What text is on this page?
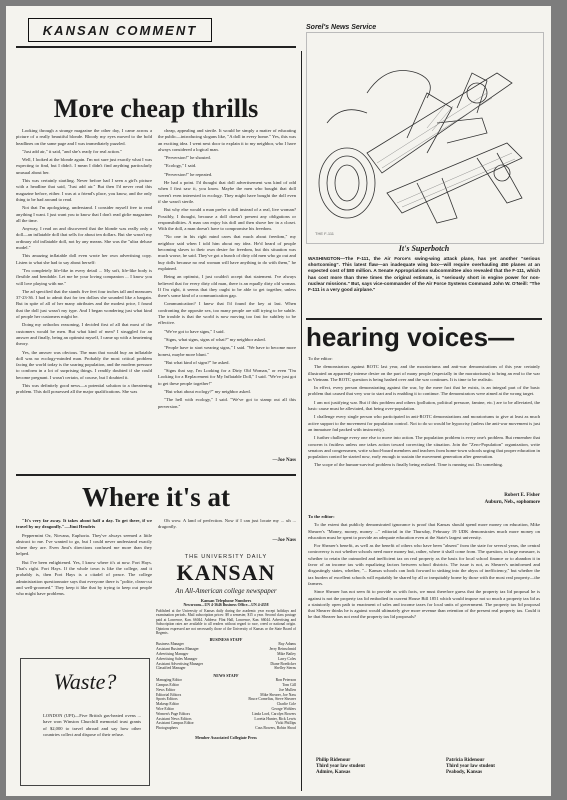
KANSAN COMMENT	Sorel's News Service
More cheap thrills

Looking through a strange magazine the other day, I came across a picture of a really beautiful blonde. Bloody my eyes moved to the bold headlines on the same page and I was immediately puzzled.

"Just add air," it said, "and she's ready for real action."

Well, I looked at the blonde again. I'm not sure just exactly what I was expecting to find, but I didn't. I mean I didn't find anything particularly unusual about her.

This was certainly startling. Never before had I seen a girl's picture with a headline that said, "Just add air." But then I'd never read this magazine before, either. I was at a friend's place, you know, and the only thing to be had around to read.

Not that I'm apologizing, understand. I consider myself free to read anything I want. I just want you to know that I don't read girlie magazines all the time.

Anyway, I read on and discovered that the blonde was really only a doll—an inflatable doll that sells for about ten dollars. But she wasn't my ordinary old inflatable doll, not by any means. She was the "ultra deluxe model."

This amazing inflatable doll even wrote her own advertising copy. Listen to what she had to say about herself:

"I'm completely life-like in every detail ... My soft, life-like body is flexible and bendable. Let me be your loving companion ... I know you will love playing with me."

The ad specified that the stands five feet four inches tall and measures 37-23-36. I had to admit that for ten dollars she sounded like a bargain. But in spite of all of her many attributes and the modest price, I found that the doll just wasn't my type. And I began wondering just what kind of people her customers might be.

Doing my orthodox reasoning, I decided first of all that most of the customers would be men. But what kind of men? I struggled for an answer and finally, being an optimist myself, I came up with a heartening theory.

Yes, the answer was obvious. The man that would buy an inflatable doll was no ecology-minded man. Probably the most critical problem facing the world today is the soaring population, and the modern pressure to conform in a lot of surprising things. I readily doubted if she could become pregnant. I wasn't certain, of course, but I doubted it.

This was definitely good news—a potential solution to a threatening problem. This doll possessed all the major qualifications. She was

cheap, appealing and sterile. It would be simply a matter of educating the public—introducing slogans like, "A doll in every home." Yes, this was an exciting idea. I went next door to explain it to my neighbor, who I have always considered a logical man.

"Perversion!" he shouted.

"Ecology," I said.

"Perversion!" he repeated.

He had a point. I'd thought that doll advertisement was kind of odd when I first saw it, you know. Maybe the men who bought that doll weren't even interested in ecology. They might have bought the doll even if she wasn't sterile.

But why else would a man prefer a doll instead of a real, live woman? Possibly, I thought, because a doll doesn't present any obligations or responsibilities. A man can enjoy his doll and then shove her in a closet. With the doll, a man doesn't have to compromise his freedom.

"No one in his right mind cares that much about freedom," my neighbor said when I told him about my idea. He'd heard of people becoming slaves to their own desire for freedom, but this situation was much worse, he said. They've got a bunch of dirty old men who go out and buy dolls because no real woman will have anything to do with them," he explained.

Being an optimist, I just couldn't accept that statement. I've always believed that for every dirty old man, there is an equally dirty old woman. If I'm right, it seems that they ought to be able to get together, unless there's some kind of a communication gap.

Communication? I knew that I'd found the key at last. When confronting the opposite sex, too many people are still trying to be subtle. The trouble is that the world is now moving too fast for subtlety to be effective.

"We've got to have signs," I said.

"Signs, what signs, signs of what?" my neighbor asked.

"People have to start wearing signs," I said. "We have to become more honest, maybe more blunt."

"But what kind of signs?" he asked.

"Signs that say, I'm Looking for a Dirty Old Woman," or even "I'm Looking for a Replacement for My Inflatable Doll," I said. "We've just got to get these people together!"

"But what about ecology?" my neighbor asked.

"The hell with ecology," I said. "We've got to stamp out all this perversion."

—Joe Nass
Where it's at

"It's very far away. It takes about half a day. To get there, if we travel by my dragonfly."—Jimi Hendrix

Peppermint Oz, Nirvana, Euphoria. They've always seemed a little abstract to me. I've wanted to go, but I could never understand exactly where they are. Even Jimi's directions confused me more than they helped.

But I've been enlightened. Yes, I know where it's at now. Fort Hays. That's right. Fort Hays. If the whole town is like the college, and it probably is, then Fort Hays is a citadel of peace. The college administration questionnaire says that everyone there is "polite, clean-cut and well-groomed." They keep it like that by trying to keep out people who might have problems.

Oh wow. A land of perfection. Now if I can just locate my ... uh ... dragonfly.

—Joe Nass
Waste?
LONDON (UPI)—Five British gas-heated ovens ... have won Winston Churchill memorial trust grants of $2,000 to travel abroad and say how other countries collect and dispose of their refuse.
THE UNIVERSITY DAILY
KANSAN
An All-American college newspaper
Kansan Telephone Numbers
Newsroom—UN 4-3646 Business Office—UN 4-4358
Published at the University of Kansas daily during the academic year except holidays and examination periods. Mail subscription prices: $8 a semester, $15 a year. Second class postage paid at Lawrence, Kan. 66044. Address: Flint Hall, Lawrence, Kan. 66044. Advertising and Subscription rates are available to all readers without regard to race, creed or national origin. Opinions expressed are not necessarily those of the University of Kansas or the State Board of Regents.
BUSINESS STAFF
Business Manager	Ray Adams
Assistant Business Manager	Jerry Reinschmid
Advertising Manager	Mike Bailey
Advertising Sales Manager	Larry Coles
Assistant Advertising Manager	Diane Boedicker
Classified Manager	Shelley Sterns
NEWS STAFF
Managing Editor	Ron Peterson
Campus Editor	Tom Gill
News Editor	Joe Mullen
Editorial Editors	Mike Shearer, Joe Nass
Sports Editors	Bruce Cornelius, Steve Shearer
Makeup Editor	Charlie Cole
Wire Editor	George Wohlers
Women's Page Editors	Linda Lord, Carolyn Bowers
Assistant News Editors	Loretta Hunter, Rick Lewis
Assistant Campus Editor	Vicki Phillips
Photographers	Cass Bowers, Robin Shoaf
Member Associated Collegiate Press
THE F-111
It's Superbotch
WASHINGTON—The F-111, the Air Force's swing-wing attack plane, has yet another "serious shortcoming". This latest flaw—an inadequate wing box—will require overhauling 450 planes at an expected cost of $80 million. A Senate Appropriations subcommittee also revealed that the F-111, which has cost more than three times the original estimate, is "seriously short in engine power for non-nuclear missions." But, says vice-commander of the Air Force Systems Command John W. O'Neill: "The F-111 is a very good airplane."
hearing voices—

To the editor:

The demonstrators against ROTC last year, and the moratoriums and anti-war demonstrations of this year certainly illustrated an apparently intense desire on the part of many people (especially in the moratoriums) to bring an end to the war in Vietnam. The ROTC question is being hashed over and the war continues. It is time to be realistic.

In effect, every person demonstrating against the war, by the mere fact that he exists, is an integral part of the basic problem that caused that very war to start and is enabling it to continue. The demonstrators were aimed at the wrong target.

I am not justifying war. But if this problem and others (pollution, political pressure, famine, etc.) are to be alleviated, the basic cause must be alleviated, that being over-population.

I challenge every single person who participated in anti-ROTC demonstrations and moratoriums to give at least as much active support to the movement for population control. Not to do so would be hypocrisy (unless the anti-war movement is just an immature fad packed with insincerity).

I further challenge every one else to move into action. The population problem is every one's problem. But remember that concern is fruitless unless one takes action toward correcting the situation. Join the "Zero-Population" organization, write senators and congressmen, write school-board members and teachers from home-town schools urging that proper education in population control be started now, early enough to sustain the movement generation after generation.

The scope of the human-survival problem is finally being realized. Time is running out. Do something.

Robert E. Fisher
Auburn, Neb., sophomore

To the editor:

To the extent that publicly demonstrated ignorance is proof that Kansas should spend more money on education, Mike Shearer's "Money, money, money ..." editorial in the Thursday, February 19 UDK demonstrates much more money on education must be spent to provide an adequate education even at the State's largest university.

For Shearer's benefit, as well as the benefit of others who have been "absent" from the state for several years, the central controversy is not whether schools need more money but, rather, where it shall come from. The question, in large measure, is whether to retain the outmoded and inefficient tax on real property as the basis for local school finance or to abandon it in favor of an income tax with equalizing factors between school districts. The issue is not, as Shearer's uninformed and disgustingly states, whether, "... Kansas schools can look forward to sinking into the abyss of inefficiency," but whether the tax burden of excellent schools will equitably be shared by all or inequitably borne by those with the most real property—the farmers.

Since Shearer has not seen fit to provide us with facts, we must therefore guess that the property tax lid proposal he is against is not the property tax lid embodied in current House Bill 1851 which would impose not so much a property tax lid as a statutorily open path to enactment of sales and income taxes for local units of government. The property tax lid proposal that Shearer thinks he is against would ultimately give more revenue than retention of the present real property tax. Could it be that Shearer has not read the property tax lid proposals?

Philip Ridenour
Third year law student
Admire, Kansas
Patricia Ridenour
Third year law student
Peabody, Kansas
